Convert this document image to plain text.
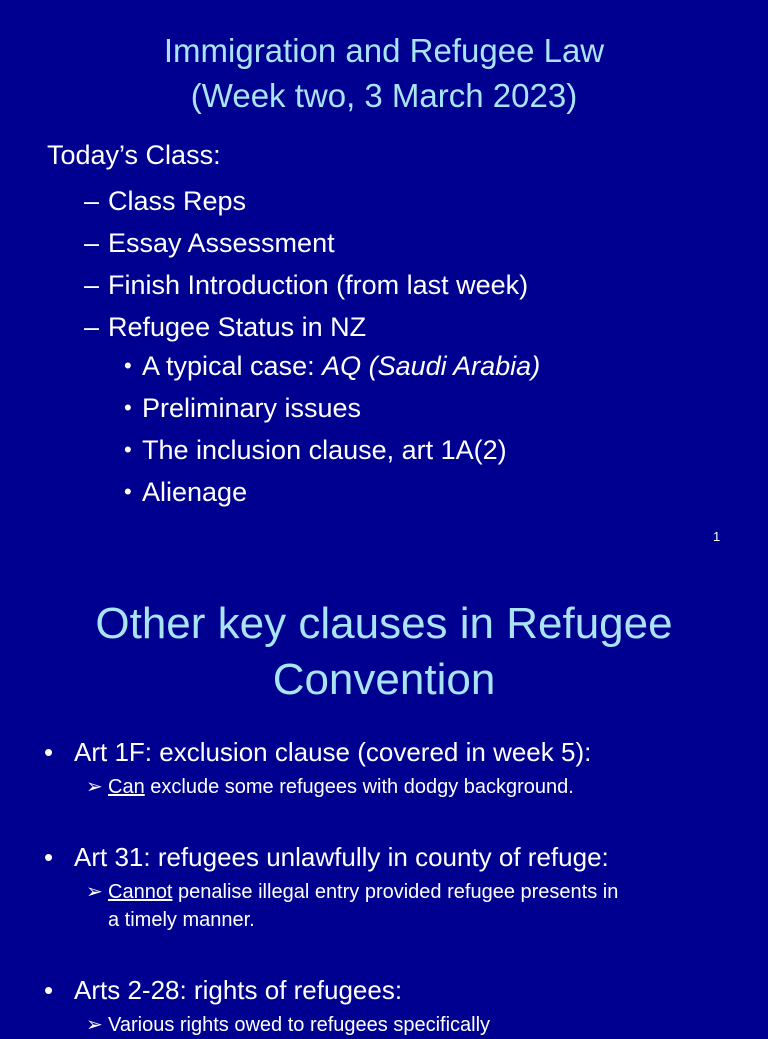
Immigration and Refugee Law
(Week two, 3 March 2023)
Today’s Class:
– Class Reps
– Essay Assessment
– Finish Introduction (from last week)
– Refugee Status in NZ
• A typical case: AQ (Saudi Arabia)
• Preliminary issues
• The inclusion clause, art 1A(2)
• Alienage
1
Other key clauses in Refugee
Convention
• Art 1F: exclusion clause (covered in week 5):
➢ Can exclude some refugees with dodgy background.
• Art 31: refugees unlawfully in county of refuge:
➢ Cannot penalise illegal entry provided refugee presents in
a timely manner.
• Arts 2-28: rights of refugees:
➢ Various rights owed to refugees specifically
